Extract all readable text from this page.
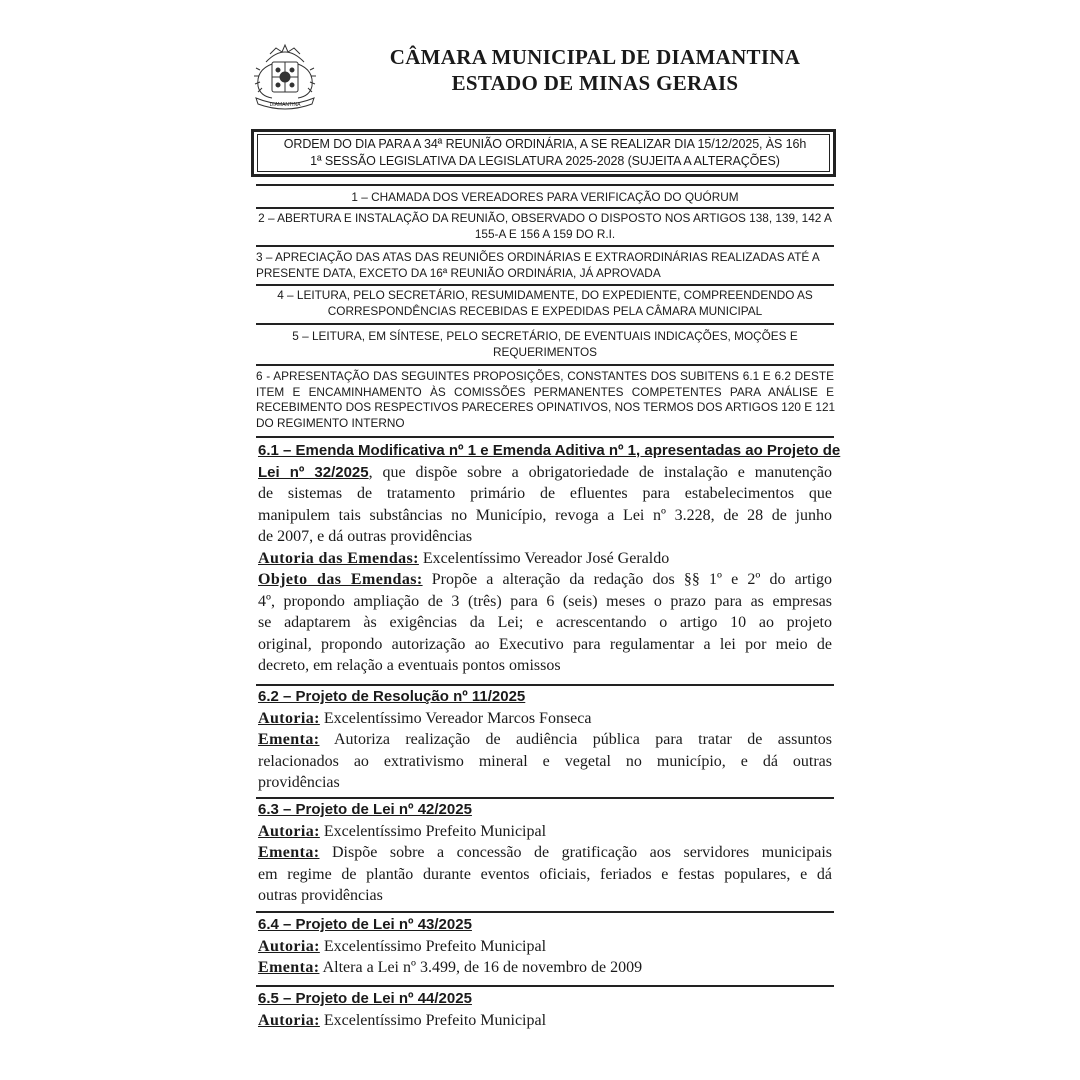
DIAMANTINA
CÂMARA MUNICIPAL DE DIAMANTINA
ESTADO DE MINAS GERAIS
ORDEM DO DIA PARA A 34ª REUNIÃO ORDINÁRIA, A SE REALIZAR DIA 15/12/2025, ÀS 16h
1ª SESSÃO LEGISLATIVA DA LEGISLATURA 2025-2028 (SUJEITA A ALTERAÇÕES)
1 – CHAMADA DOS VEREADORES PARA VERIFICAÇÃO DO QUÓRUM
2 – ABERTURA E INSTALAÇÃO DA REUNIÃO, OBSERVADO O DISPOSTO NOS ARTIGOS 138, 139, 142 A
155-A E 156 A 159 DO R.I.
3 – APRECIAÇÃO DAS ATAS DAS REUNIÕES ORDINÁRIAS E EXTRAORDINÁRIAS REALIZADAS ATÉ A
PRESENTE DATA, EXCETO DA 16ª REUNIÃO ORDINÁRIA, JÁ APROVADA
4 – LEITURA, PELO SECRETÁRIO, RESUMIDAMENTE, DO EXPEDIENTE, COMPREENDENDO AS
CORRESPONDÊNCIAS RECEBIDAS E EXPEDIDAS PELA CÂMARA MUNICIPAL
5 – LEITURA, EM SÍNTESE, PELO SECRETÁRIO, DE EVENTUAIS INDICAÇÕES, MOÇÕES E
REQUERIMENTOS
6 - APRESENTAÇÃO DAS SEGUINTES PROPOSIÇÕES, CONSTANTES DOS SUBITENS 6.1 E 6.2 DESTE
ITEM E ENCAMINHAMENTO ÀS COMISSÕES PERMANENTES COMPETENTES PARA ANÁLISE E
RECEBIMENTO DOS RESPECTIVOS PARECERES OPINATIVOS, NOS TERMOS DOS ARTIGOS 120 E 121
DO REGIMENTO INTERNO
6.1 – Emenda Modificativa nº 1 e Emenda Aditiva nº 1, apresentadas ao Projeto de
Lei nº 32/2025, que dispõe sobre a obrigatoriedade de instalação e manutenção
de sistemas de tratamento primário de efluentes para estabelecimentos que
manipulem tais substâncias no Município, revoga a Lei nº 3.228, de 28 de junho
de 2007, e dá outras providências
Autoria das Emendas: Excelentíssimo Vereador José Geraldo
Objeto das Emendas: Propõe a alteração da redação dos §§ 1º e 2º do artigo
4º, propondo ampliação de 3 (três) para 6 (seis) meses o prazo para as empresas
se adaptarem às exigências da Lei; e acrescentando o artigo 10 ao projeto
original, propondo autorização ao Executivo para regulamentar a lei por meio de
decreto, em relação a eventuais pontos omissos
6.2 – Projeto de Resolução nº 11/2025
Autoria: Excelentíssimo Vereador Marcos Fonseca
Ementa: Autoriza realização de audiência pública para tratar de assuntos
relacionados ao extrativismo mineral e vegetal no município, e dá outras
providências
6.3 – Projeto de Lei nº 42/2025
Autoria: Excelentíssimo Prefeito Municipal
Ementa: Dispõe sobre a concessão de gratificação aos servidores municipais
em regime de plantão durante eventos oficiais, feriados e festas populares, e dá
outras providências
6.4 – Projeto de Lei nº 43/2025
Autoria: Excelentíssimo Prefeito Municipal
Ementa: Altera a Lei nº 3.499, de 16 de novembro de 2009
6.5 – Projeto de Lei nº 44/2025
Autoria: Excelentíssimo Prefeito Municipal
